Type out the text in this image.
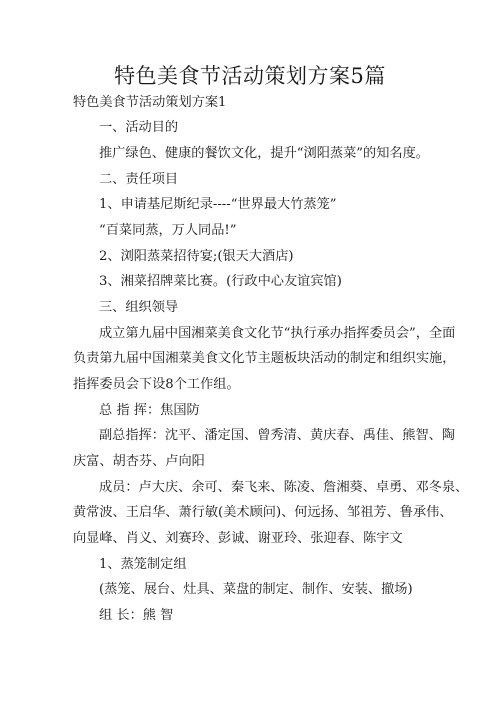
特色美食节活动策划方案5篇
特色美食节活动策划方案1
一、活动目的
推广绿色、健康的餐饮文化，提升“浏阳蒸菜”的知名度。
二、责任项目
1、申请基尼斯纪录----“世界最大竹蒸笼”
“百菜同蒸，万人同品!”
2、浏阳蒸菜招待宴;(银天大酒店)
3、湘菜招牌菜比赛。(行政中心友谊宾馆)
三、组织领导
成立第九届中国湘菜美食文化节“执行承办指挥委员会”，全面
负责第九届中国湘菜美食文化节主题板块活动的制定和组织实施，
指挥委员会下设8个工作组。
总 指 挥：焦国防
副总指挥：沈平、潘定国、曾秀清、黄庆春、禹佳、熊智、陶
庆富、胡杏芬、卢向阳
成员：卢大庆、余可、秦飞来、陈凌、詹湘葵、卓勇、邓冬泉、
黄常波、王启华、萧行敏(美术顾问)、何远扬、邹祖芳、鲁承伟、
向显峰、肖义、刘赛玲、彭诚、谢亚玲、张迎春、陈宇文
1、蒸笼制定组
(蒸笼、展台、灶具、菜盘的制定、制作、安装、撤场)
组 长：熊 智
